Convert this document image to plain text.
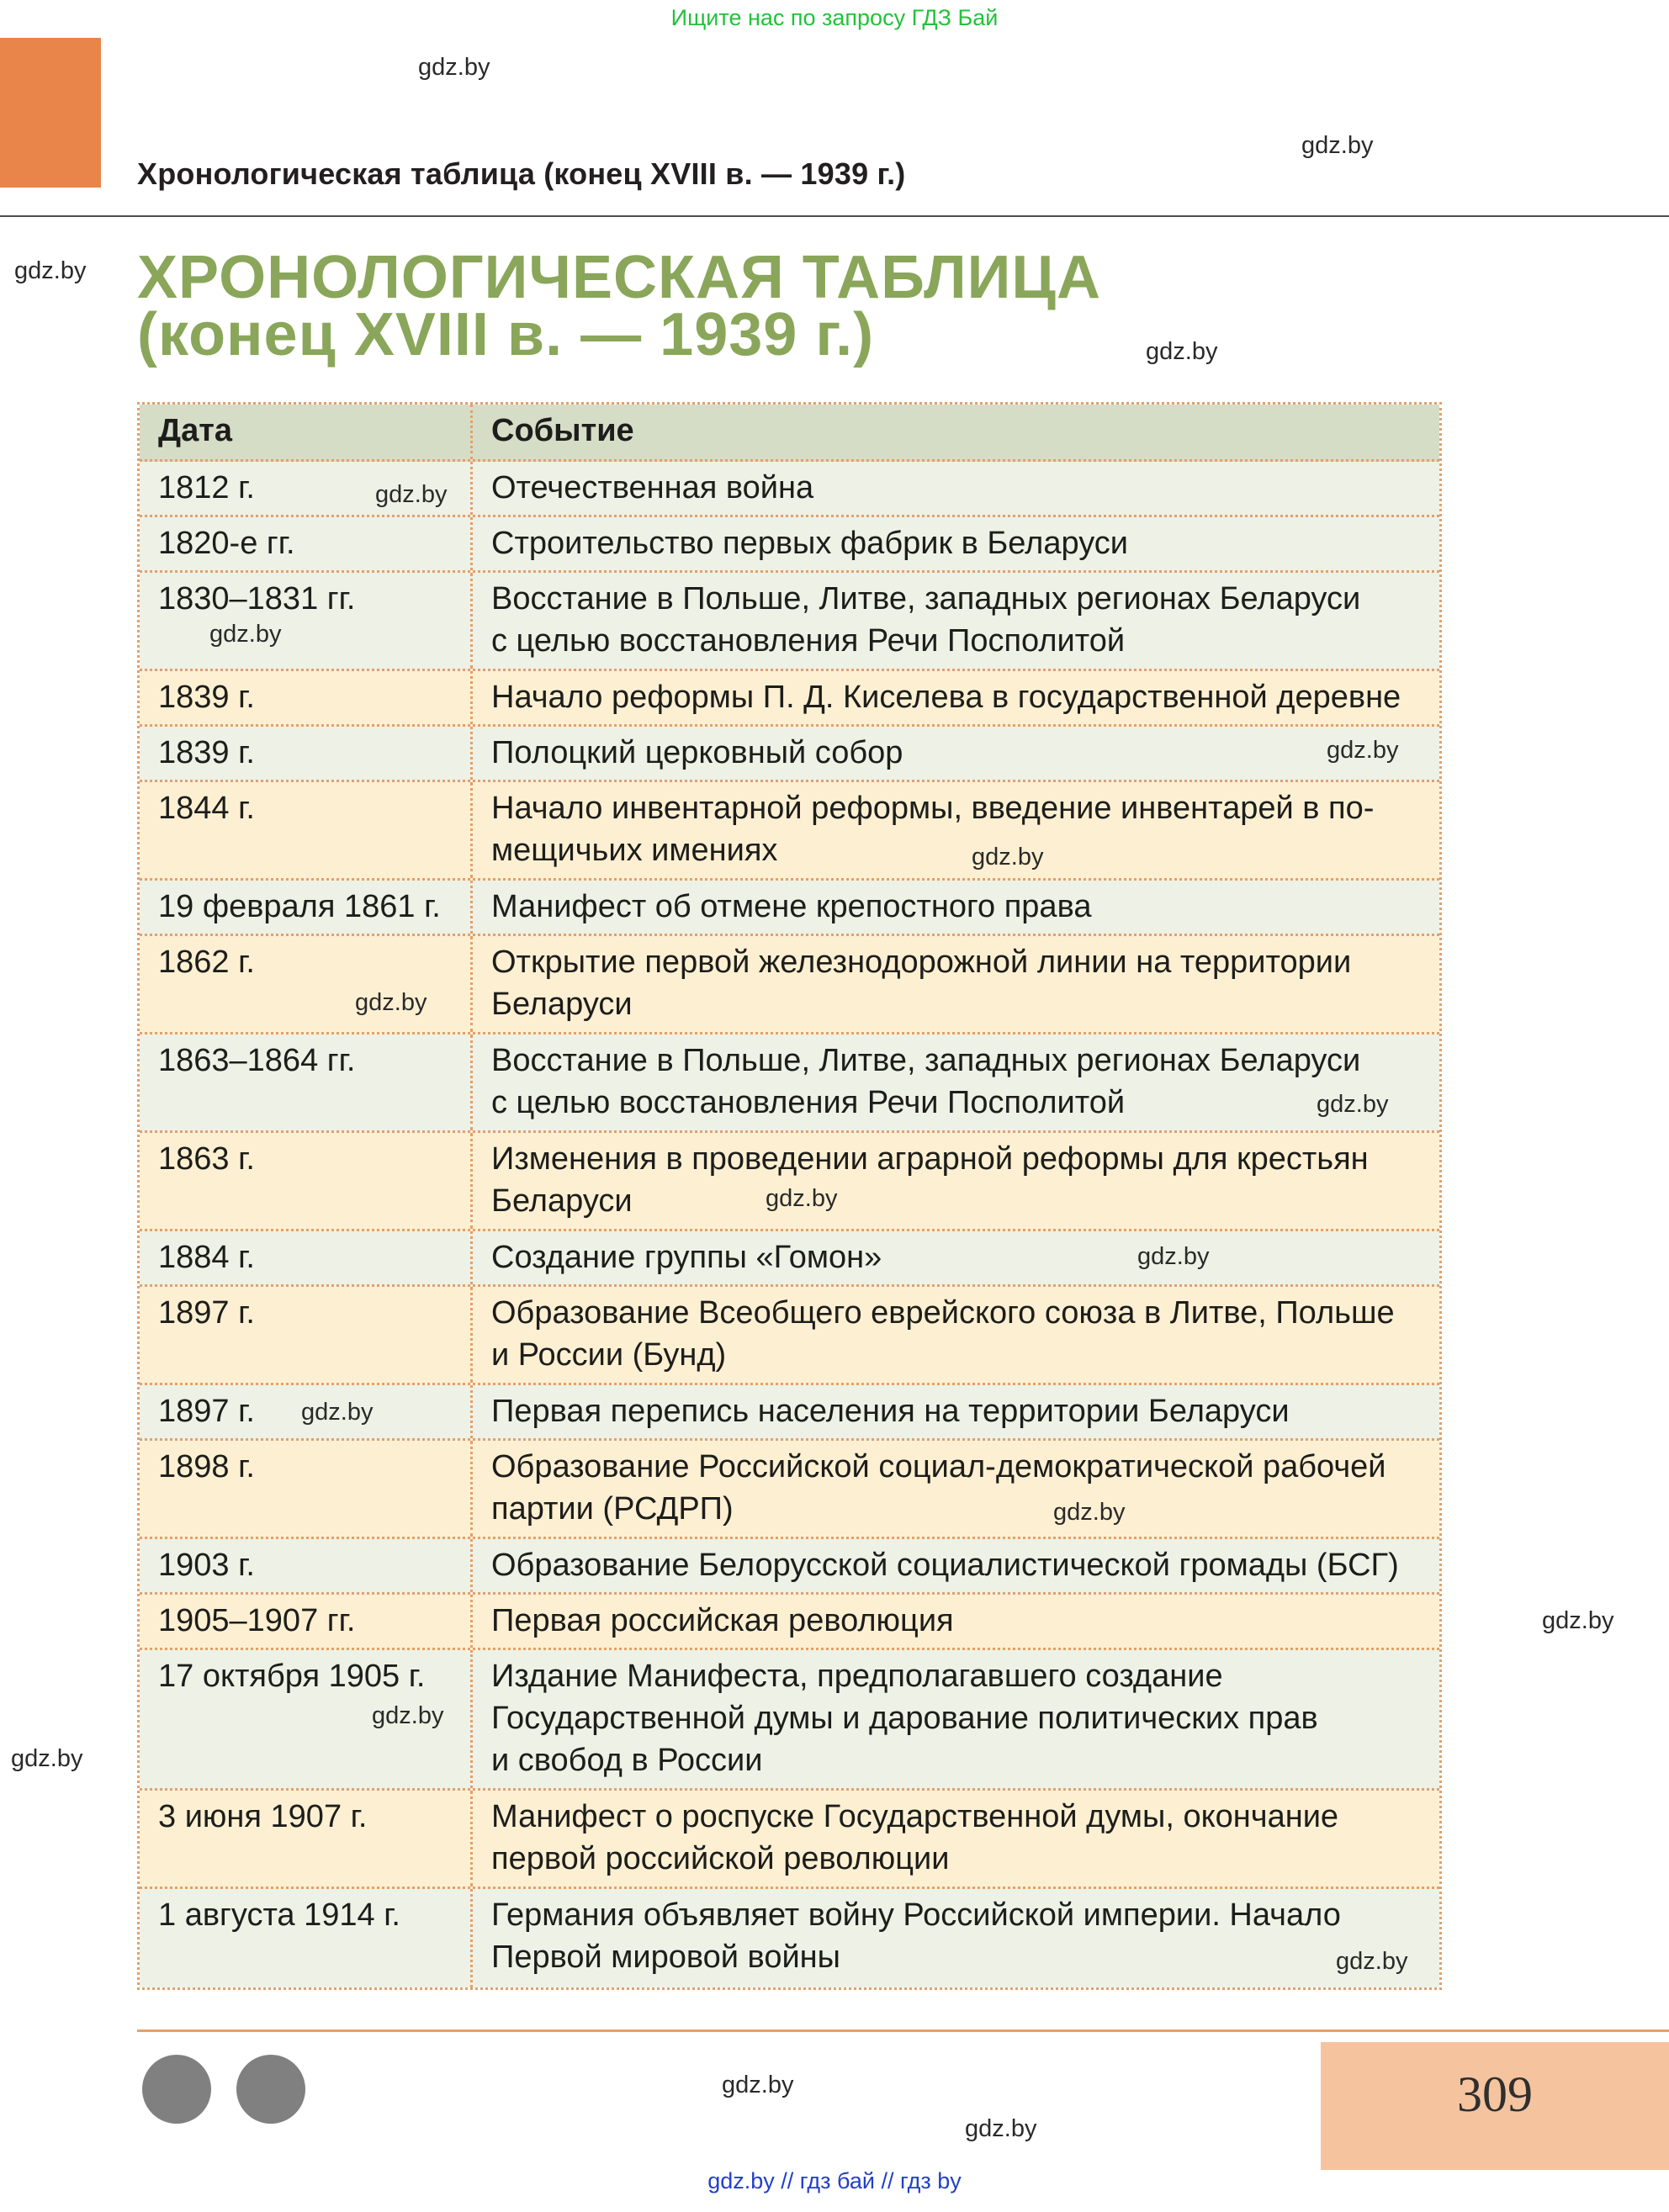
Ищите нас по запросу ГДЗ Бай
Хронологическая таблица (конец XVIII в. — 1939 г.)
ХРОНОЛОГИЧЕСКАЯ ТАБЛИЦА
(конец XVIII в. — 1939 г.)
Дата	Событие
1812 г.	Отечественная война
1820-е гг.	Строительство первых фабрик в Беларуси
1830–1831 гг.	Восстание в Польше, Литве, западных регионах Беларуси
с целью восстановления Речи Посполитой
1839 г.	Начало реформы П. Д. Киселева в государственной деревне
1839 г.	Полоцкий церковный собор
1844 г.	Начало инвентарной реформы, введение инвентарей в по-
мещичьих имениях
19 февраля 1861 г.	Манифест об отмене крепостного права
1862 г.	Открытие первой железнодорожной линии на территории
Беларуси
1863–1864 гг.	Восстание в Польше, Литве, западных регионах Беларуси
с целью восстановления Речи Посполитой
1863 г.	Изменения в проведении аграрной реформы для крестьян
Беларуси
1884 г.	Создание группы «Гомон»
1897 г.	Образование Всеобщего еврейского союза в Литве, Польше
и России (Бунд)
1897 г.	Первая перепись населения на территории Беларуси
1898 г.	Образование Российской социал-демократической рабочей
партии (РСДРП)
1903 г.	Образование Белорусской социалистической громады (БСГ)
1905–1907 гг.	Первая российская революция
17 октября 1905 г.	Издание Манифеста, предполагавшего создание
Государственной думы и дарование политических прав
и свобод в России
3 июня 1907 г.	Манифест о роспуске Государственной думы, окончание
первой российской революции
1 августа 1914 г.	Германия объявляет войну Российской империи. Начало
Первой мировой войны
gdz.by
gdz.by
gdz.by
gdz.by
gdz.by
gdz.by
gdz.by
gdz.by
gdz.by
gdz.by
gdz.by
gdz.by
gdz.by
gdz.by
gdz.by
gdz.by
gdz.by
gdz.by
gdz.by
gdz.by
309
gdz.by // гдз бай // гдз by
